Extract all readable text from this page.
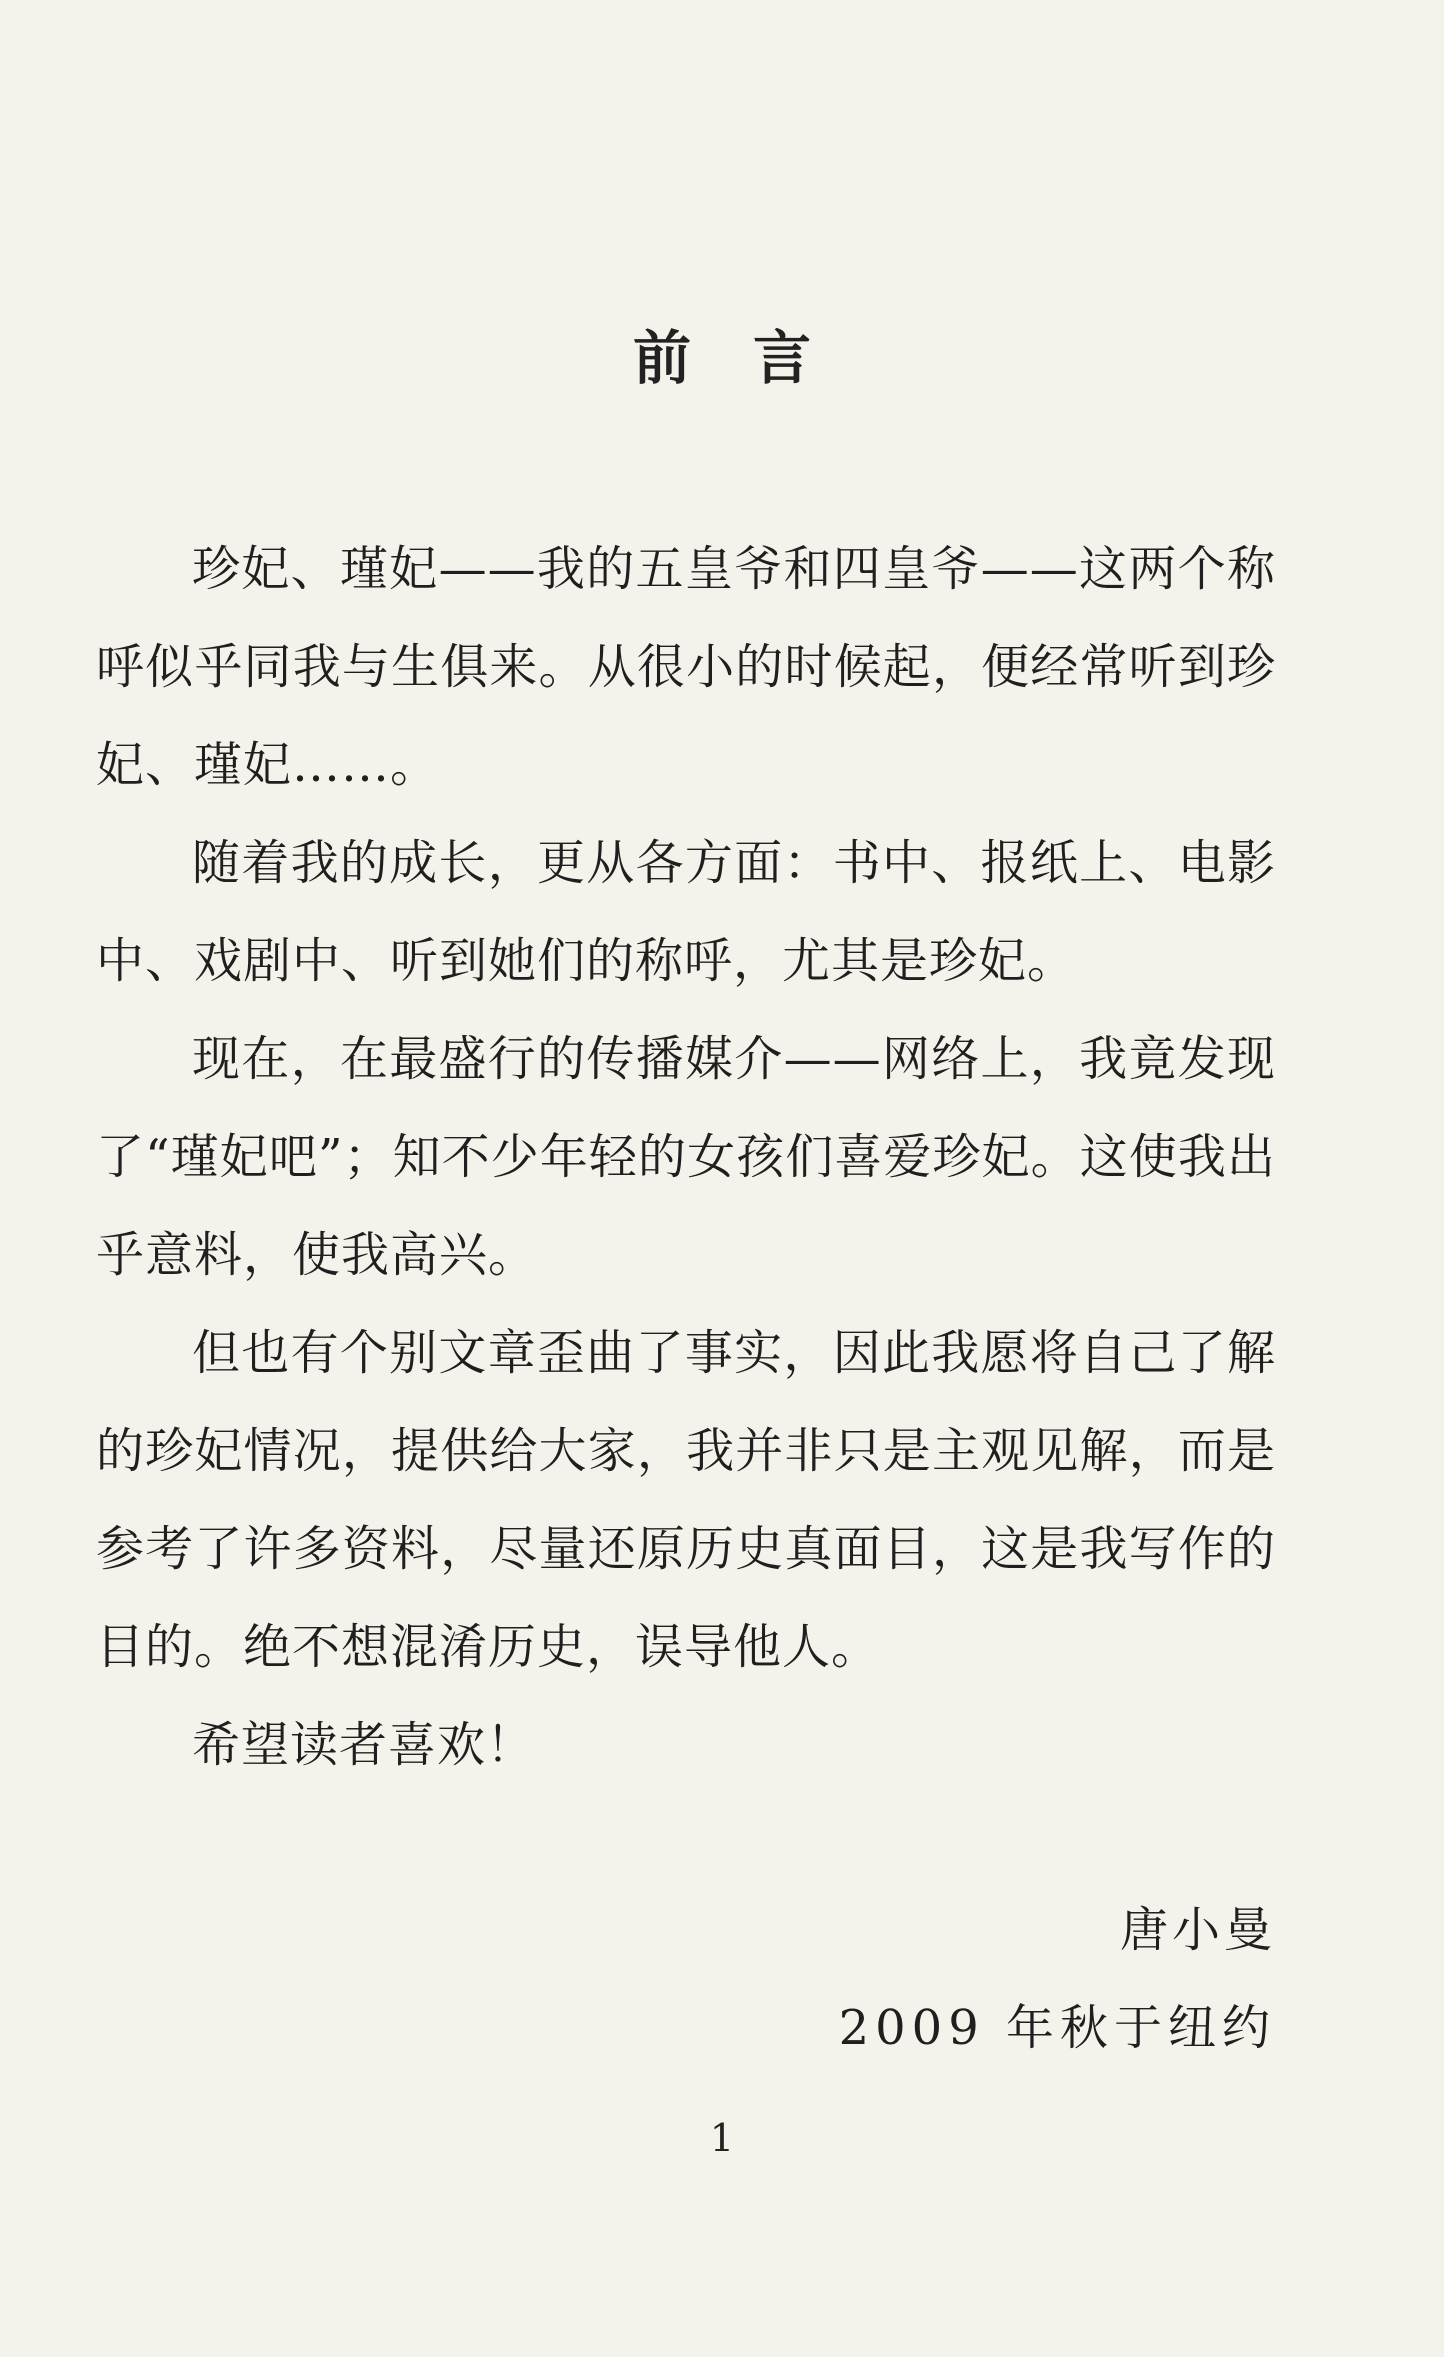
前言

珍妃、瑾妃——我的五皇爷和四皇爷——这两个称呼似乎同我与生俱来。从很小的时候起，便经常听到珍妃、瑾妃……。

随着我的成长，更从各方面：书中、报纸上、电影中、戏剧中、听到她们的称呼，尤其是珍妃。

现在，在最盛行的传播媒介——网络上，我竟发现了“瑾妃吧”；知不少年轻的女孩们喜爱珍妃。这使我出乎意料，使我高兴。

但也有个别文章歪曲了事实，因此我愿将自己了解的珍妃情况，提供给大家，我并非只是主观见解，而是参考了许多资料，尽量还原历史真面目，这是我写作的目的。绝不想混淆历史，误导他人。

希望读者喜欢！

唐小曼
2009 年秋于纽约
1
